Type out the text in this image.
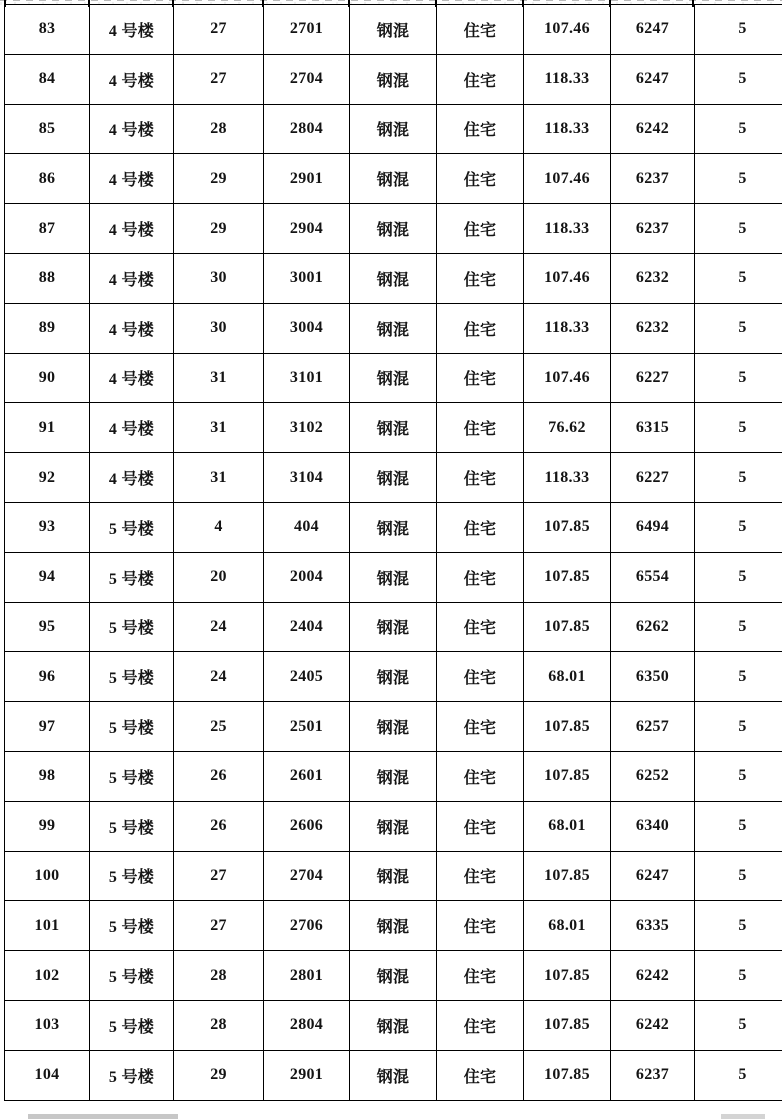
83	4 号楼	27	2701	钢混	住宅	107.46	6247	5
84	4 号楼	27	2704	钢混	住宅	118.33	6247	5
85	4 号楼	28	2804	钢混	住宅	118.33	6242	5
86	4 号楼	29	2901	钢混	住宅	107.46	6237	5
87	4 号楼	29	2904	钢混	住宅	118.33	6237	5
88	4 号楼	30	3001	钢混	住宅	107.46	6232	5
89	4 号楼	30	3004	钢混	住宅	118.33	6232	5
90	4 号楼	31	3101	钢混	住宅	107.46	6227	5
91	4 号楼	31	3102	钢混	住宅	76.62	6315	5
92	4 号楼	31	3104	钢混	住宅	118.33	6227	5
93	5 号楼	4	404	钢混	住宅	107.85	6494	5
94	5 号楼	20	2004	钢混	住宅	107.85	6554	5
95	5 号楼	24	2404	钢混	住宅	107.85	6262	5
96	5 号楼	24	2405	钢混	住宅	68.01	6350	5
97	5 号楼	25	2501	钢混	住宅	107.85	6257	5
98	5 号楼	26	2601	钢混	住宅	107.85	6252	5
99	5 号楼	26	2606	钢混	住宅	68.01	6340	5
100	5 号楼	27	2704	钢混	住宅	107.85	6247	5
101	5 号楼	27	2706	钢混	住宅	68.01	6335	5
102	5 号楼	28	2801	钢混	住宅	107.85	6242	5
103	5 号楼	28	2804	钢混	住宅	107.85	6242	5
104	5 号楼	29	2901	钢混	住宅	107.85	6237	5
